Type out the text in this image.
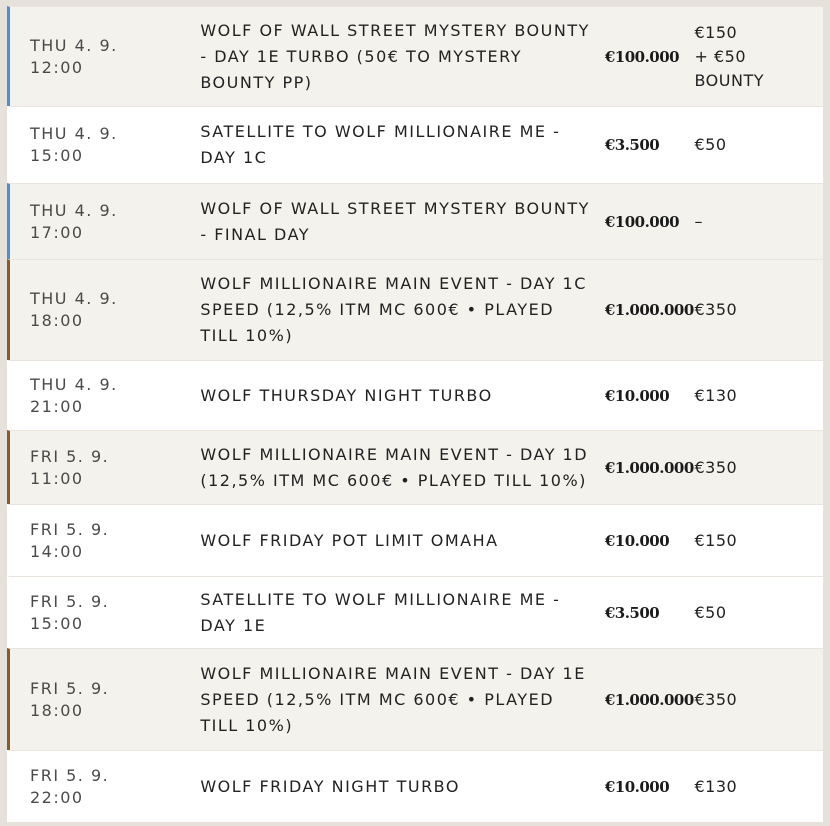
THU 4. 9.
12:00
WOLF OF WALL STREET MYSTERY BOUNTY - DAY 1E TURBO (50€ TO MYSTERY BOUNTY PP)
€100.000
€150
+ €50
BOUNTY
THU 4. 9.
15:00
SATELLITE TO WOLF MILLIONAIRE ME - DAY 1C
€3.500	€50
THU 4. 9.
17:00
WOLF OF WALL STREET MYSTERY BOUNTY - FINAL DAY
€100.000 –
THU 4. 9.
18:00
WOLF MILLIONAIRE MAIN EVENT - DAY 1C SPEED (12,5% ITM MC 600€ • PLAYED TILL 10%)
€1.000.000 €350
THU 4. 9.
21:00
WOLF THURSDAY NIGHT TURBO	€10.000	€130
FRI 5. 9.
11:00
WOLF MILLIONAIRE MAIN EVENT - DAY 1D (12,5% ITM MC 600€ • PLAYED TILL 10%)
€1.000.000 €350
FRI 5. 9.
14:00
WOLF FRIDAY POT LIMIT OMAHA	€10.000	€150
FRI 5. 9.
15:00
SATELLITE TO WOLF MILLIONAIRE ME - DAY 1E
€3.500	€50
FRI 5. 9.
18:00
WOLF MILLIONAIRE MAIN EVENT - DAY 1E SPEED (12,5% ITM MC 600€ • PLAYED TILL 10%)
€1.000.000 €350
FRI 5. 9.
22:00
WOLF FRIDAY NIGHT TURBO	€10.000	€130
